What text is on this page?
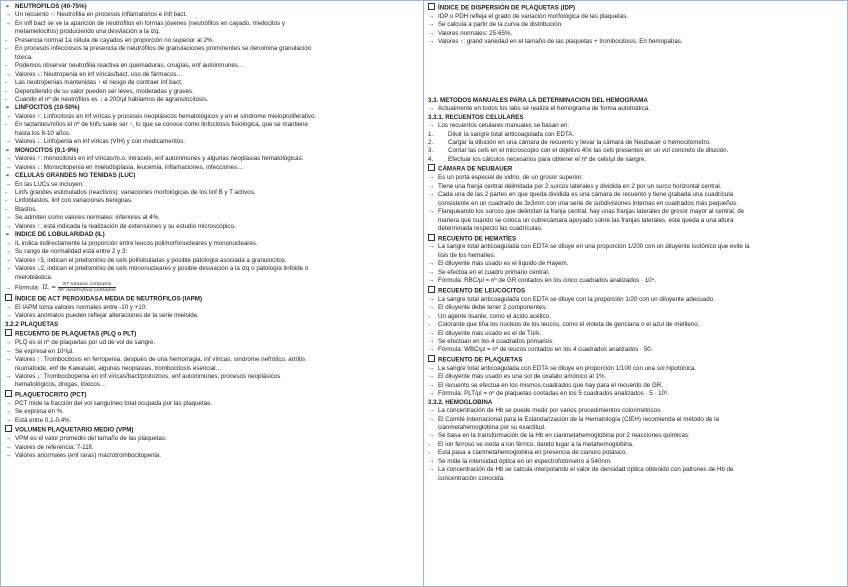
➢ NEUTRÓFILOS (40-75%)
→ Un recuento ↑: Neutrofilia en procesos inflamatorios e infl bact.
→ En infl bact se ve la aparición de neutrófilos en formas jóvenes (neutrófilos en cayado, mielocitos y
metamielocitos) produciendo una desviación a la izq.
- Presencia normal 1a célula de cayados en proporción no superior al 2%.
- En procesos infecciosos la presencia de neutrófilos de granulaciones prominentes se denomina granulación
tóxica.
- Podemos observar neutrofilia reactiva en quemaduras, cirugías, enf autoinmunes…
→ Valores ↓: Neutropenia en inf víricas/bact, uso de fármacos…
- Las neutropenias mantenidas ↑ el riesgo de contraer inf bact.
- Dependiendo de su valor pueden ser leves, moderadas y graves.
- Cuando el nº de neutrófilos es ↓ a 200/µl hablamos de agranulocitosis.
➢ LINFOCITOS (10-50%)
→ Valores ↑: Linfocitosis en inf víricas y procesos neoplásicos hematológicos y en el síndrome mieloproliferativo.
- En lactantes/niños el nº de linfs suele ser ↑, lo que se conoce como linfocitosis fisiológica, que se mantiene
hasta los 8-10 años.
→ Valores ↓: Linfopenia en inf víricas (VIH) y con medicamentos.
➢ MONOCITOS (0,1-9%)
→ Valores ↑: monocitosis en inf víricas/m.o. intracels, enf autoinmunes y algunas neoplasias hematológicas.
→ Valores ↓: Monocitopenia en mielodisplasia, leucemia, inflamaciones, infecciones…
➢ CÉLULAS GRANDES NO TEÑIDAS (LUC)
→ En las LUCs se incluyen:
- Linfs grandes estimulados (reactivos): variaciones morfológicas de los linf B y T activos.
- Linfoblastos, linf con variaciones benignas.
- Blastos.
→ Se admiten como valores normales: inferiores al 4%.
→ Valores ↑: está indicada la realización de extensiones y su estudio microscópico.
➢ ÍNDICE DE LOBULARIDAD (IL)
→ IL indica indirectamente la proporción entre leucos polimorfonucleares y mononucleares.
→ Su rango de normalidad está entre 2 y 3:
→ Valores ↑3, indican el predominio de cels polilobuladas y posible patología asociada a granulocitos.
→ Valores ↓2, indican el predominio de cels mononucleares y posible desviación a la izq o patología linfoide o
mieloblástica.
→ Fórmula: IL = $\frac{\text{Nº lóbulos contados}}{\text{Nº neutrófilos contados}}$
ÍNDICE DE ACT PEROXIDASA MEDIA DE NEUTRÓFILOS (IAPM)
→ El IAPM toma valores normales entre -10 y +10:
→ Valores anómalos pueden reflejar alteraciones de la serie mieloide.
3.2.2 PLAQUETAS
RECUENTO DE PLAQUETAS (PLQ o PLT)
→ PLQ es el nº de plaquetas por ud de vol de sangre.
→ Se expresa en 10³/µl.
→ Valores ↑: Trombocitosis en ferropenia, después de una hemorragia, inf víricas, síndrome nefrótico, artritis
reumatoide, enf de Kawasaki, algunas neoplasias, trombocitosis esencial…
→ Valores ↓: Trombocitopenia en inf víricas/bact/protozoos, enf autoinmunes, procesos neoplásicos
hematológicos, drogas, tóxicos…
PLAQUETOCRITO (PCT)
→ PCT mide la fracción del vol sanguíneo total ocupada por las plaquetas.
→ Se expresa en %.
→ Está entre 0,1-0,4%.
VOLUMEN PLAQUETARIO MEDIO (VPM)
→ VPM es el valor promedio del tamaño de las plaquetas.
→ Valores de referencia: 7-11fl.
→ Valores anormales (enf raras) macrotrombocitopenia.
ÍNDICE DE DISPERSIÓN DE PLAQUETAS (IDP)
→ IDP o PDH refleja el grado de variación morfológica de las plaquetas.
→ Se calcula a partir de la curva de distribución.
→ Valores normales: 25-65%.
→ Valores ↑: grand variedad en el tamaño de las plaquetas + trombocitosis. En hemopatías.
3.3. MÉTODOS MANUALES PARA LA DETERMINACIÓN DEL HEMOGRAMA
→ Actualmente en todos los labs se realiza el hemograma de forma automática.
3.3.1. RECUENTOS CELULARES
→ Los recuentos celulares manuales se basan en:
1. Diluir la sangre total anticoagulada con EDTA.
2. Cargar la dilución en una cámara de recuento y llevar la cámara de Neubauer o hemocitómetro.
3. Contar las cels en el microscopio con el objetivo 40x las cels presentes en un vol concreto de dilución.
4. Efectuar los cálculos necesarios para obtener el nº de cels/µl de sangre.
CÁMARA DE NEUBAUER
→ Es un porta especial de vidrio, de un grosor superior.
→ Tiene una franja central delimitada por 2 surcos laterales y dividida en 2 por un surco horizontal central.
→ Cada una de las 2 partes en que queda dividida es una cámara de recuento y tiene grabada una cuadrícula
consistente en un cuadrado de 3x3mm con una serie de subdivisiones internas en cuadrados más pequeños.
→ Flanqueando los surcos que delimitan la franja central, hay unas franjas laterales de grosor mayor al central, de
manera que cuando se coloca un cubrecámara apoyado sobre las franjas laterales, este queda a una altura
determinada respecto las cuadrículas.
RECUENTO DE HEMATÍES
→ La sangre total anticoagulada con EDTA se diluye en una proporción 1/200 con un diluyente isotónico que evite la
lisis de los hematíes.
→ El diluyente más usado es el líquido de Hayem.
→ Se efectúa en el cuadro primario central.
→ Fórmula: RBC/µl = nº de GR contados en los cinco cuadrados analizados · 10⁴.
RECUENTO DE LEUCOCITOS
→ La sangre total anticoagulada con EDTA se diluye con la proporción 1/20 con un diluyente adecuado.
→ El diluyente debe tener 2 componentes:
- Un agente lisante, como el ácido acético.
- Colorante que tiña los núcleos de los leucos, como el violeta de genciana o el azul de metileno.
→ El diluyente más usado es el de Türk.
→ Se efectúan en los 4 cuadrados primarios.
→ Fórmula: WBC/µl = nº de leucos contados en los 4 cuadrados analizados · 50.
RECUENTO DE PLAQUETAS
→ La sangre total anticoagulada con EDTA se diluye en proporción 1/100 con una sol hipotónica.
→ El diluyente más usado es una sol de oxalato amónico al 1%.
→ El recuento se efectúa en los mismos cuadrados que hay para el recuento de GR.
→ Fórmula: PLT/µl = nº de plaquetas contadas en los 5 cuadrados analizados · 5 · 10³.
3.3.2. HEMOGLOBINA
→ La concentración de Hb se puede medir por varios procedimientos colorimétricos.
→ El Comité Internacional para la Estandarización de la Hematología (CIEH) recomienda el método de la
cianmetahemoglobina por su exactitud.
→ Se basa en la transformación de la Hb en cianmetahemoglobina por 2 reacciones químicas:
- El ion ferroso se oxida a ion férrico, dando lugar a la metahemoglobina.
- Esta pasa a cianmetahemoglobina en presencia de cianuro potásico.
→ Se mide la intensidad óptica en un espectrofotómetro a 540nm.
→ La concentración de Hb se calcula interpolando el valor de densidad óptica obtenido con patrones de Hb de
concentración conocida.
